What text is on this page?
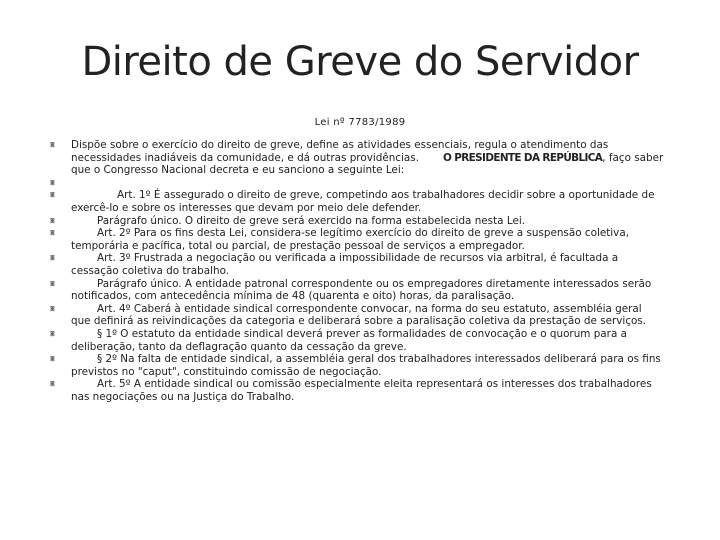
Direito de Greve do Servidor
Lei nº 7783/1989
◙ Dispõe sobre o exercício do direito de greve, define as atividades essenciais, regula o atendimento das
necessidades inadiáveis da comunidade, e dá outras providências. O PRESIDENTE DA REPÚBLICA, faço saber
que o Congresso Nacional decreta e eu sanciono a seguinte Lei:
◙

◙	Art. 1º É assegurado o direito de greve, competindo aos trabalhadores decidir sobre a oportunidade de
exercê-lo e sobre os interesses que devam por meio dele defender.
◙	Parágrafo único. O direito de greve será exercido na forma estabelecida nesta Lei.
◙	Art. 2º Para os fins desta Lei, considera-se legítimo exercício do direito de greve a suspensão coletiva,
temporária e pacífica, total ou parcial, de prestação pessoal de serviços a empregador.
◙	Art. 3º Frustrada a negociação ou verificada a impossibilidade de recursos via arbitral, é facultada a
cessação coletiva do trabalho.
◙	Parágrafo único. A entidade patronal correspondente ou os empregadores diretamente interessados serão
notificados, com antecedência mínima de 48 (quarenta e oito) horas, da paralisação.
◙	Art. 4º Caberá à entidade sindical correspondente convocar, na forma do seu estatuto, assembléia geral
que definirá as reivindicações da categoria e deliberará sobre a paralisação coletiva da prestação de serviços.
◙	§ 1º O estatuto da entidade sindical deverá prever as formalidades de convocação e o quorum para a
deliberação, tanto da deflagração quanto da cessação da greve.
◙	§ 2º Na falta de entidade sindical, a assembléia geral dos trabalhadores interessados deliberará para os fins
previstos no "caput", constituindo comissão de negociação.
◙	Art. 5º A entidade sindical ou comissão especialmente eleita representará os interesses dos trabalhadores
nas negociações ou na Justiça do Trabalho.
